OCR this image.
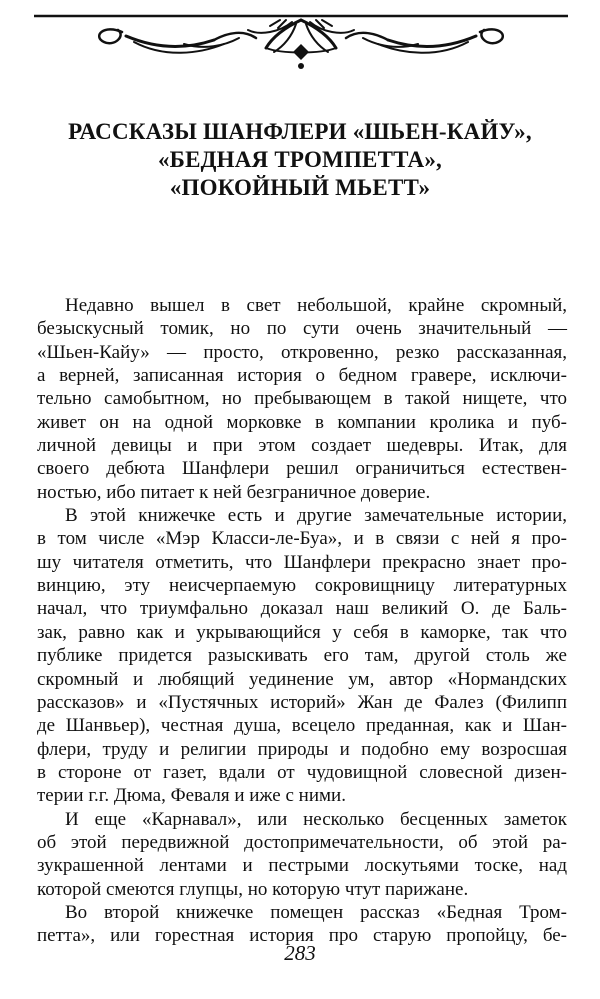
РАССКАЗЫ ШАНФЛЕРИ «ШЬЕН-КАЙУ»,
«БЕДНАЯ ТРОМПЕТТА»,
«ПОКОЙНЫЙ МЬЕТТ»
Недавно вышел в свет небольшой, крайне скромный,
безыскусный томик, но по сути очень значительный —
«Шьен-Кайу» — просто, откровенно, резко рассказанная,
а верней, записанная история о бедном гравере, исключи-
тельно самобытном, но пребывающем в такой нищете, что
живет он на одной морковке в компании кролика и пуб-
личной девицы и при этом создает шедевры. Итак, для
своего дебюта Шанфлери решил ограничиться естествен-
ностью, ибо питает к ней безграничное доверие.
В этой книжечке есть и другие замечательные истории,
в том числе «Мэр Класси-ле-Буа», и в связи с ней я про-
шу читателя отметить, что Шанфлери прекрасно знает про-
винцию, эту неисчерпаемую сокровищницу литературных
начал, что триумфально доказал наш великий О. де Баль-
зак, равно как и укрывающийся у себя в каморке, так что
публике придется разыскивать его там, другой столь же
скромный и любящий уединение ум, автор «Нормандских
рассказов» и «Пустячных историй» Жан де Фалез (Филипп
де Шанвьер), честная душа, всецело преданная, как и Шан-
флери, труду и религии природы и подобно ему возросшая
в стороне от газет, вдали от чудовищной словесной дизен-
терии г.г. Дюма, Феваля и иже с ними.
И еще «Карнавал», или несколько бесценных заметок
об этой передвижной достопримечательности, об этой ра-
зукрашенной лентами и пестрыми лоскутьями тоске, над
которой смеются глупцы, но которую чтут парижане.
Во второй книжечке помещен рассказ «Бедная Тром-
петта», или горестная история про старую пропойцу, бе-
283
